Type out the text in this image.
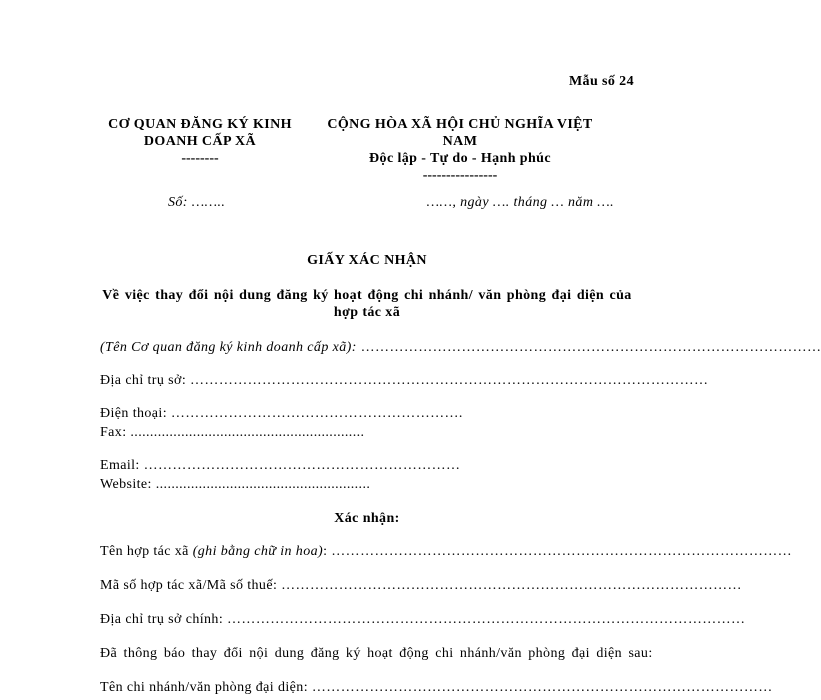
Mẫu số 24
CƠ QUAN ĐĂNG KÝ KINH
DOANH CẤP XÃ
--------
CỘNG HÒA XÃ HỘI CHỦ NGHĨA VIỆT
NAM
Độc lập - Tự do - Hạnh phúc
----------------
Số: ……..	……, ngày …. tháng … năm ….
GIẤY XÁC NHẬN
Về việc thay đổi nội dung đăng ký hoạt động chi nhánh/ văn phòng đại diện của
hợp tác xã
(Tên Cơ quan đăng ký kinh doanh cấp xã): ……………………………………………………………………………………
Địa chỉ trụ sở: ………………………………………………………………………………………………
Điện thoại: …………………………………………………….
Fax: ............................................................
Email: …………………………………………………………
Website: .......................................................
Xác nhận:
Tên hợp tác xã (ghi bằng chữ in hoa): ……………………………………………………………………………………
Mã số hợp tác xã/Mã số thuế: ……………………………………………………………………………………
Địa chỉ trụ sở chính: ………………………………………………………………………………………………
Đã thông báo thay đổi nội dung đăng ký hoạt động chi nhánh/văn phòng đại diện sau:
Tên chi nhánh/văn phòng đại diện: ……………………………………………………………………………………
